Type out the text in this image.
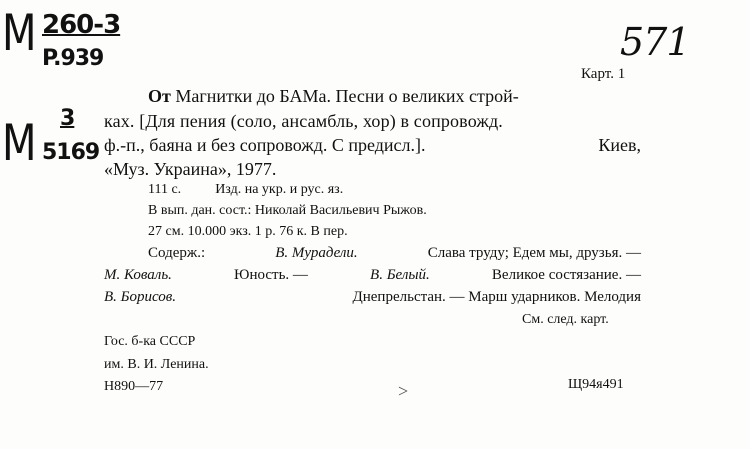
M 260-3
P.939
M 3
5169
571
Карт. 1
От Магнитки до БАМа. Песни о великих строй-
ках. [Для пения (соло, ансамбль, хор) в сопровожд.
ф.-п., баяна и без сопровожд. С предисл.].	Киев,
«Муз. Украина», 1977.
111 с. Изд. на укр. и рус. яз.
В вып. дан. сост.: Николай Васильевич Рыжов.
27 см. 10.000 экз. 1 р. 76 к. В пер.
Содерж.:	В. Мурадели.	Слава труду; Едем мы, друзья. —
М. Коваль.	Юность. —	В. Белый.	Великое состязание. —
В. Борисов.	Днепрельстан. — Марш ударников. Мелодия
См. след. карт.
Гос. б-ка СССР
им. В. И. Ленина.
Н890—77	>	Щ94я491
